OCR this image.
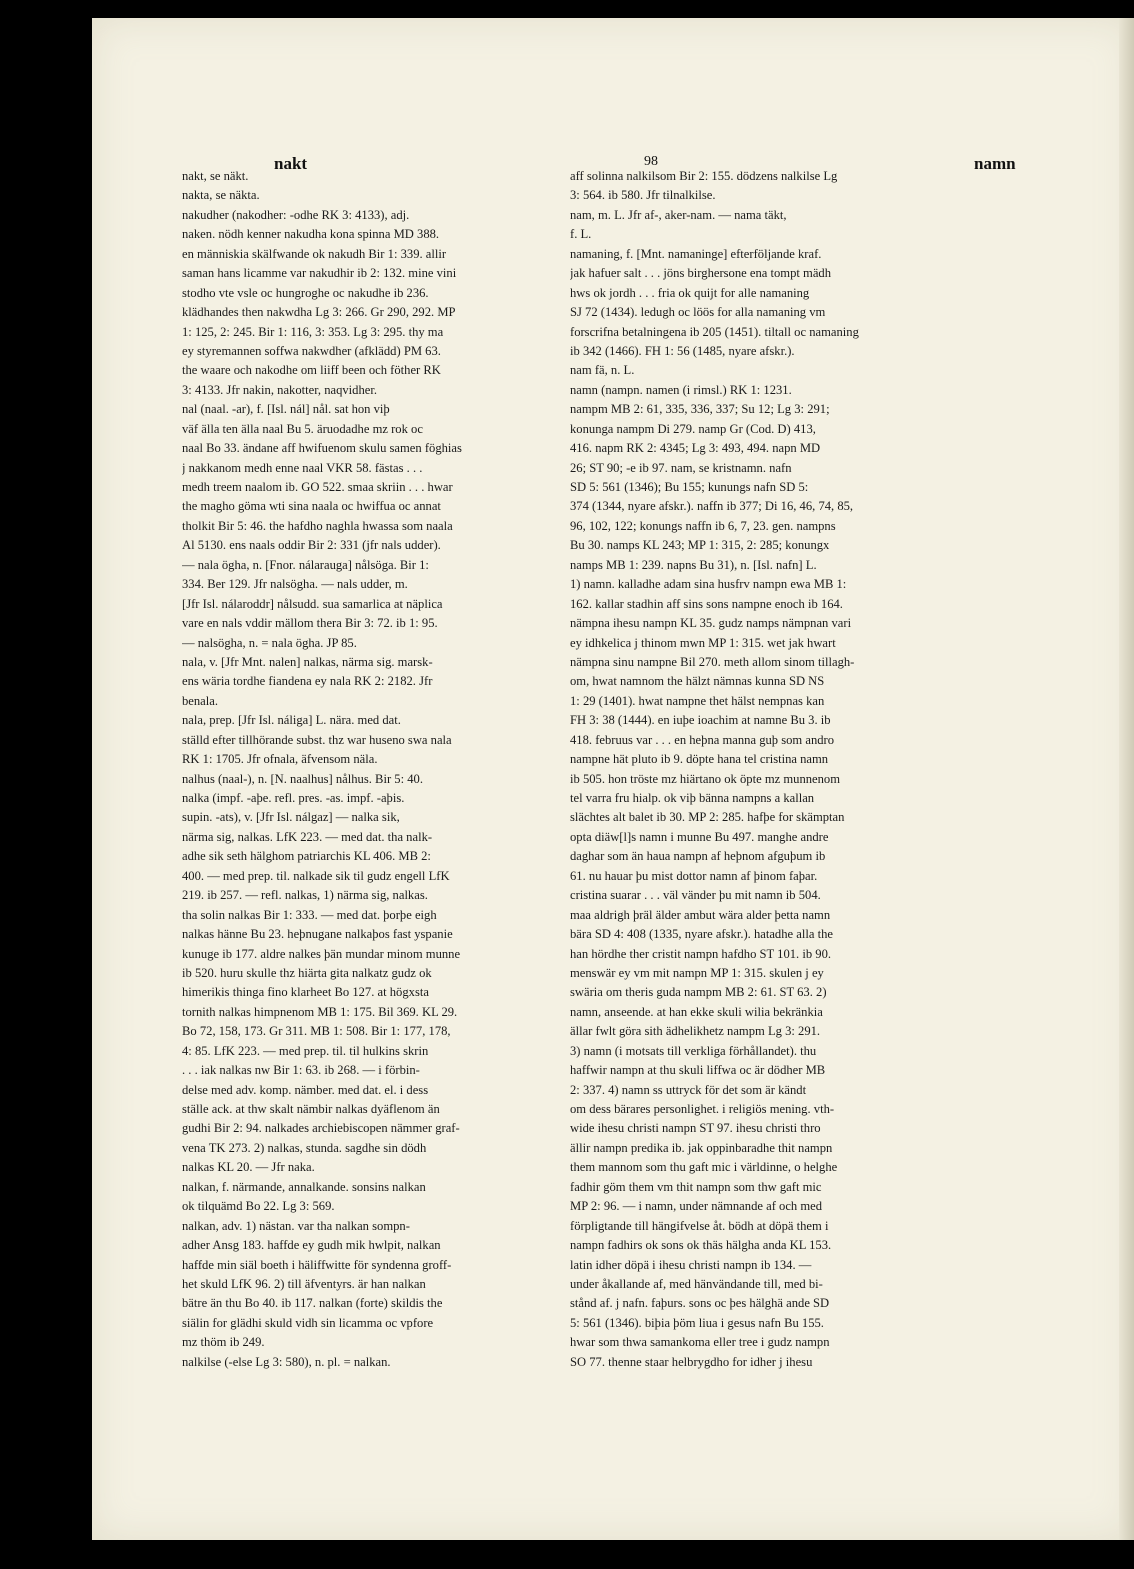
nakt	98	namn
nakt, se näkt.
nakta, se näkta.
nakudher (nakodher: -odhe RK 3: 4133), adj.
naken. nödh kenner nakudha kona spinna MD 388.
en människia skälfwande ok nakudh Bir 1: 339. allir
saman hans licamme var nakudhir ib 2: 132. mine vini
stodho vte vsle oc hungroghe oc nakudhe ib 236.
klädhandes then nakwdha Lg 3: 266. Gr 290, 292. MP
1: 125, 2: 245. Bir 1: 116, 3: 353. Lg 3: 295. thy ma
ey styremannen soffwa nakwdher (afklädd) PM 63.
the waare och nakodhe om liiff been och föther RK
3: 4133. Jfr nakin, nakotter, naqvidher.
nal (naal. -ar), f. [Isl. nál] nål. sat hon viþ
väf älla ten älla naal Bu 5. äruodadhe mz rok oc
naal Bo 33. ändane aff hwifuenom skulu samen föghias
j nakkanom medh enne naal VKR 58. fästas . . .
medh treem naalom ib. GO 522. smaa skriin . . . hwar
the magho göma wti sina naala oc hwiffua oc annat
tholkit Bir 5: 46. the hafdho naghla hwassa som naala
Al 5130. ens naals oddir Bir 2: 331 (jfr nals udder).
— nala ögha, n. [Fnor. nálarauga] nålsöga. Bir 1:
334. Ber 129. Jfr nalsögha. — nals udder, m.
[Jfr Isl. nálaroddr] nålsudd. sua samarlica at näplica
vare en nals vddir mällom thera Bir 3: 72. ib 1: 95.
— nalsögha, n. = nala ögha. JP 85.
nala, v. [Jfr Mnt. nalen] nalkas, närma sig. marsk-
ens wäria tordhe fiandena ey nala RK 2: 2182. Jfr
benala.
nala, prep. [Jfr Isl. náliga] L. nära. med dat.
ställd efter tillhörande subst. thz war huseno swa nala
RK 1: 1705. Jfr ofnala, äfvensom näla.
nalhus (naal-), n. [N. naalhus] nålhus. Bir 5: 40.
nalka (impf. -aþe. refl. pres. -as. impf. -aþis.
supin. -ats), v. [Jfr Isl. nálgaz] — nalka sik,
närma sig, nalkas. LfK 223. — med dat. tha nalk-
adhe sik seth hälghom patriarchis KL 406. MB 2:
400. — med prep. til. nalkade sik til gudz engell LfK
219. ib 257. — refl. nalkas, 1) närma sig, nalkas.
tha solin nalkas Bir 1: 333. — med dat. þorþe eigh
nalkas hänne Bu 23. heþnugane nalkaþos fast yspanie
kunuge ib 177. aldre nalkes þän mundar minom munne
ib 520. huru skulle thz hiärta gita nalkatz gudz ok
himerikis thinga fino klarheet Bo 127. at högxsta
tornith nalkas himpnenom MB 1: 175. Bil 369. KL 29.
Bo 72, 158, 173. Gr 311. MB 1: 508. Bir 1: 177, 178,
4: 85. LfK 223. — med prep. til. til hulkins skrin
. . . iak nalkas nw Bir 1: 63. ib 268. — i förbin-
delse med adv. komp. nämber. med dat. el. i dess
ställe ack. at thw skalt nämbir nalkas dyäflenom än
gudhi Bir 2: 94. nalkades archiebiscopen nämmer graf-
vena TK 273. 2) nalkas, stunda. sagdhe sin dödh
nalkas KL 20. — Jfr naka.
nalkan, f. närmande, annalkande. sonsins nalkan
ok tilquämd Bo 22. Lg 3: 569.
nalkan, adv. 1) nästan. var tha nalkan sompn-
adher Ansg 183. haffde ey gudh mik hwlpit, nalkan
haffde min siäl boeth i häliffwitte för syndenna groff-
het skuld LfK 96. 2) till äfventyrs. är han nalkan
bätre än thu Bo 40. ib 117. nalkan (forte) skildis the
siälin for glädhi skuld vidh sin licamma oc vpfore
mz thöm ib 249.
nalkilse (-else Lg 3: 580), n. pl. = nalkan.
aff solinna nalkilsom Bir 2: 155. dödzens nalkilse Lg
3: 564. ib 580. Jfr tilnalkilse.
nam, m. L. Jfr af-, aker-nam. — nama täkt,
f. L.
namaning, f. [Mnt. namaninge] efterföljande kraf.
jak hafuer salt . . . jöns birghersone ena tompt mädh
hws ok jordh . . . fria ok quijt for alle namaning
SJ 72 (1434). ledugh oc löös for alla namaning vm
forscrifna betalningena ib 205 (1451). tiltall oc namaning
ib 342 (1466). FH 1: 56 (1485, nyare afskr.).
nam fä, n. L.
namn (nampn. namen (i rimsl.) RK 1: 1231.
nampm MB 2: 61, 335, 336, 337; Su 12; Lg 3: 291;
konunga nampm Di 279. namp Gr (Cod. D) 413,
416. napm RK 2: 4345; Lg 3: 493, 494. napn MD
26; ST 90; -e ib 97. nam, se kristnamn. nafn
SD 5: 561 (1346); Bu 155; kunungs nafn SD 5:
374 (1344, nyare afskr.). naffn ib 377; Di 16, 46, 74, 85,
96, 102, 122; konungs naffn ib 6, 7, 23. gen. nampns
Bu 30. namps KL 243; MP 1: 315, 2: 285; konungx
namps MB 1: 239. napns Bu 31), n. [Isl. nafn] L.
1) namn. kalladhe adam sina husfrv nampn ewa MB 1:
162. kallar stadhin aff sins sons nampne enoch ib 164.
nämpna ihesu nampn KL 35. gudz namps nämpnan vari
ey idhkelica j thinom mwn MP 1: 315. wet jak hwart
nämpna sinu nampne Bil 270. meth allom sinom tillagh-
om, hwat namnom the hälzt nämnas kunna SD NS
1: 29 (1401). hwat nampne thet hälst nempnas kan
FH 3: 38 (1444). en iuþe ioachim at namne Bu 3. ib
418. februus var . . . en heþna manna guþ som andro
nampne hät pluto ib 9. döpte hana tel cristina namn
ib 505. hon tröste mz hiärtano ok öpte mz munnenom
tel varra fru hialp. ok viþ bänna nampns a kallan
slächtes alt balet ib 30. MP 2: 285. hafþe for skämptan
opta diäw[l]s namn i munne Bu 497. manghe andre
daghar som än haua nampn af heþnom afguþum ib
61. nu hauar þu mist dottor namn af þinom faþar.
cristina suarar . . . väl vänder þu mit namn ib 504.
maa aldrigh þräl älder ambut wära alder þetta namn
bära SD 4: 408 (1335, nyare afskr.). hatadhe alla the
han hördhe ther cristit nampn hafdho ST 101. ib 90.
menswär ey vm mit nampn MP 1: 315. skulen j ey
swäria om theris guda nampm MB 2: 61. ST 63. 2)
namn, anseende. at han ekke skuli wilia bekränkia
ällar fwlt göra sith ädhelikhetz nampm Lg 3: 291.
3) namn (i motsats till verkliga förhållandet). thu
haffwir nampn at thu skuli liffwa oc är dödher MB
2: 337. 4) namn ss uttryck för det som är kändt
om dess bärares personlighet. i religiös mening. vth-
wide ihesu christi nampn ST 97. ihesu christi thro
ällir nampn predika ib. jak oppinbaradhe thit nampn
them mannom som thu gaft mic i världinne, o helghe
fadhir göm them vm thit nampn som thw gaft mic
MP 2: 96. — i namn, under nämnande af och med
förpligtande till hängifvelse åt. bödh at döpä them i
nampn fadhirs ok sons ok thäs hälgha anda KL 153.
latin idher döpä i ihesu christi nampn ib 134. —
under åkallande af, med hänvändande till, med bi-
stånd af. j nafn. faþurs. sons oc þes hälghä ande SD
5: 561 (1346). biþia þöm liua i gesus nafn Bu 155.
hwar som thwa samankoma eller tree i gudz nampn
SO 77. thenne staar helbrygdho for idher j ihesu
